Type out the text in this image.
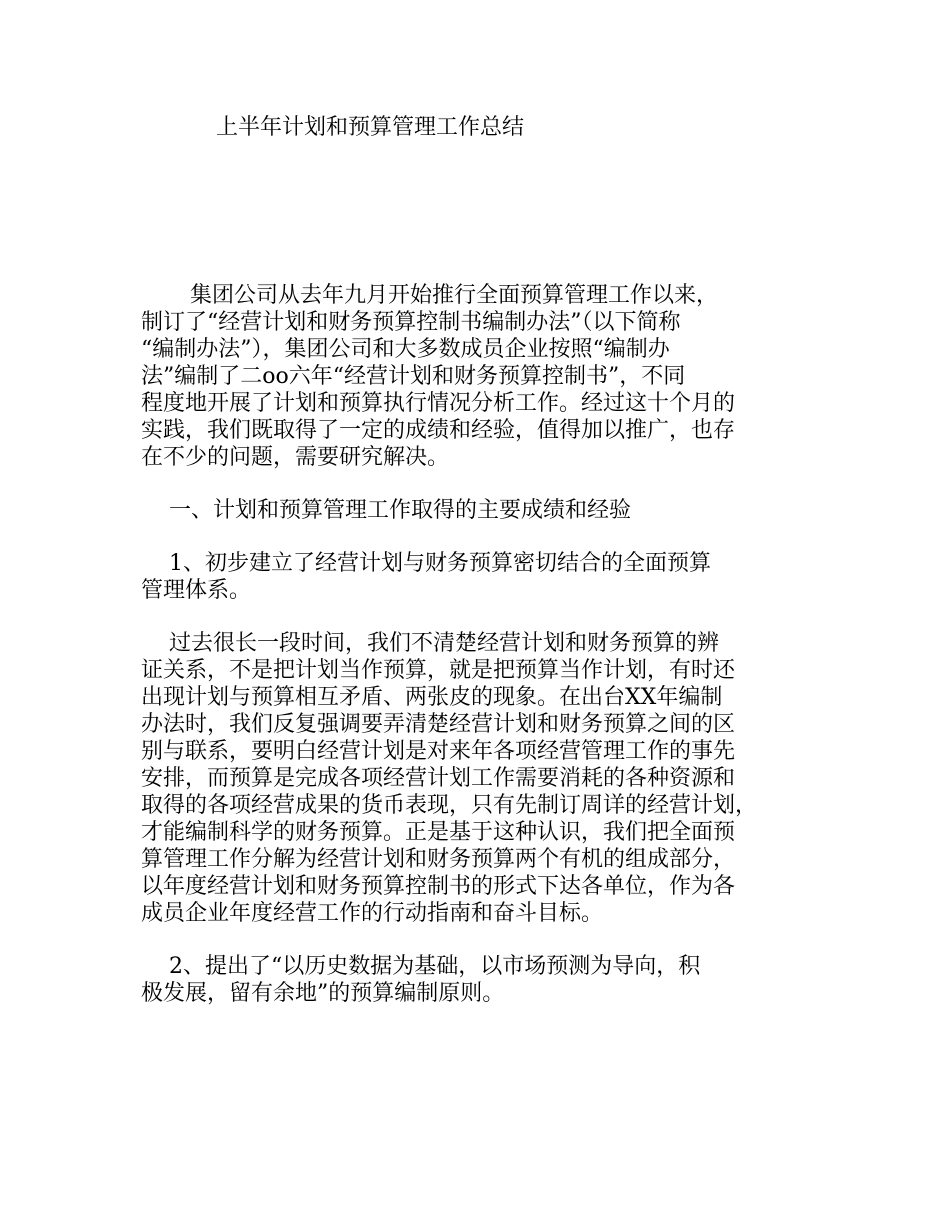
上半年计划和预算管理工作总结
集团公司从去年九月开始推行全面预算管理工作以来，
制订了“经营计划和财务预算控制书编制办法”（以下简称
“编制办法”），集团公司和大多数成员企业按照“编制办
法”编制了二oo六年“经营计划和财务预算控制书”，不同
程度地开展了计划和预算执行情况分析工作。经过这十个月的
实践，我们既取得了一定的成绩和经验，值得加以推广，也存
在不少的问题，需要研究解决。
一、计划和预算管理工作取得的主要成绩和经验
1、初步建立了经营计划与财务预算密切结合的全面预算
管理体系。
过去很长一段时间，我们不清楚经营计划和财务预算的辨
证关系，不是把计划当作预算，就是把预算当作计划，有时还
出现计划与预算相互矛盾、两张皮的现象。在出台XX年编制
办法时，我们反复强调要弄清楚经营计划和财务预算之间的区
别与联系，要明白经营计划是对来年各项经营管理工作的事先
安排，而预算是完成各项经营计划工作需要消耗的各种资源和
取得的各项经营成果的货币表现，只有先制订周详的经营计划，
才能编制科学的财务预算。正是基于这种认识，我们把全面预
算管理工作分解为经营计划和财务预算两个有机的组成部分，
以年度经营计划和财务预算控制书的形式下达各单位，作为各
成员企业年度经营工作的行动指南和奋斗目标。
2、提出了“以历史数据为基础，以市场预测为导向，积
极发展，留有余地”的预算编制原则。
